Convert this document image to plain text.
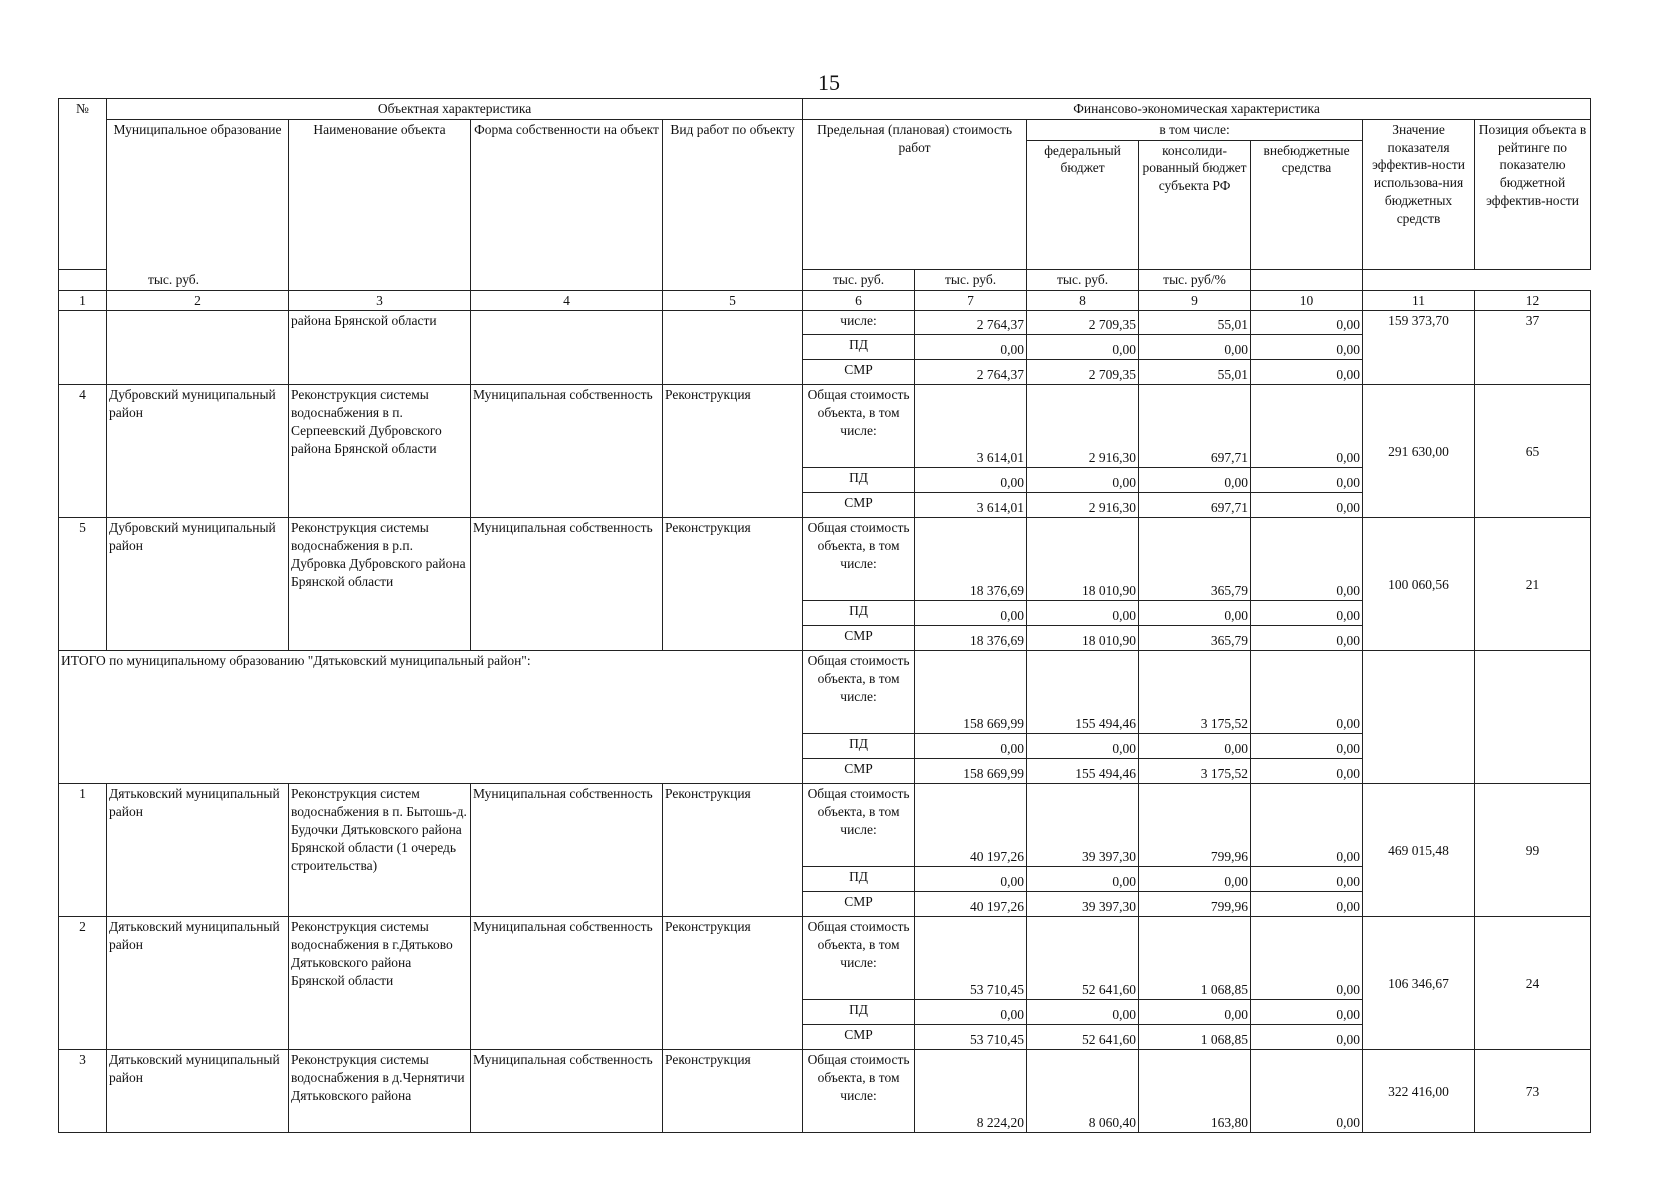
15
№	Объектная характеристика				Финансово-экономическая характеристика						
	Муниципальное образование	Наименование объекта	Форма собственности на объект	Вид работ по объекту	Предельная (плановая) стоимость работ		в том числе:			Значение показателя эффектив-ности использова-ния бюджетных средств	Позиция объекта в рейтинге по показателю бюджетной эффектив-ности
							федеральный бюджет	консолиди-рованный бюджет субъекта РФ	внебюджетные средства		
тыс. руб.					тыс. руб.	тыс. руб.	тыс. руб.	тыс. руб/%			
1	2	3	4	5	6	7	8	9	10	11	12
		района Брянской области			числе:	2 764,37	2 709,35	55,01	0,00	159 373,70	37
					ПД	0,00	0,00	0,00	0,00		
					СМР	2 764,37	2 709,35	55,01	0,00		
4	Дубровский муниципальный район	Реконструкция системы водоснабжения в п. Серпеевский Дубровского района Брянской области	Муниципальная собственность	Реконструкция	Общая стоимость объекта, в том числе:	3 614,01	2 916,30	697,71	0,00	291 630,00	65
					ПД	0,00	0,00	0,00	0,00		
					СМР	3 614,01	2 916,30	697,71	0,00		
5	Дубровский муниципальный район	Реконструкция системы водоснабжения в р.п. Дубровка Дубровского района Брянской области	Муниципальная собственность	Реконструкция	Общая стоимость объекта, в том числе:	18 376,69	18 010,90	365,79	0,00	100 060,56	21
					ПД	0,00	0,00	0,00	0,00		
					СМР	18 376,69	18 010,90	365,79	0,00		
ИТОГО по муниципальному образованию "Дятьковский муниципальный район":					Общая стоимость объекта, в том числе:	158 669,99	155 494,46	3 175,52	0,00		
					ПД	0,00	0,00	0,00	0,00		
					СМР	158 669,99	155 494,46	3 175,52	0,00		
1	Дятьковский муниципальный район	Реконструкция систем водоснабжения в п. Бытошь-д. Будочки Дятьковского района Брянской области (1 очередь строительства)	Муниципальная собственность	Реконструкция	Общая стоимость объекта, в том числе:	40 197,26	39 397,30	799,96	0,00	469 015,48	99
					ПД	0,00	0,00	0,00	0,00		
					СМР	40 197,26	39 397,30	799,96	0,00		
2	Дятьковский муниципальный район	Реконструкция системы водоснабжения в г.Дятьково Дятьковского района Брянской области	Муниципальная собственность	Реконструкция	Общая стоимость объекта, в том числе:	53 710,45	52 641,60	1 068,85	0,00	106 346,67	24
					ПД	0,00	0,00	0,00	0,00		
					СМР	53 710,45	52 641,60	1 068,85	0,00		
3	Дятьковский муниципальный район	Реконструкция системы водоснабжения в д.Чернятичи Дятьковского района	Муниципальная собственность	Реконструкция	Общая стоимость объекта, в том числе:	8 224,20	8 060,40	163,80	0,00	322 416,00	73
